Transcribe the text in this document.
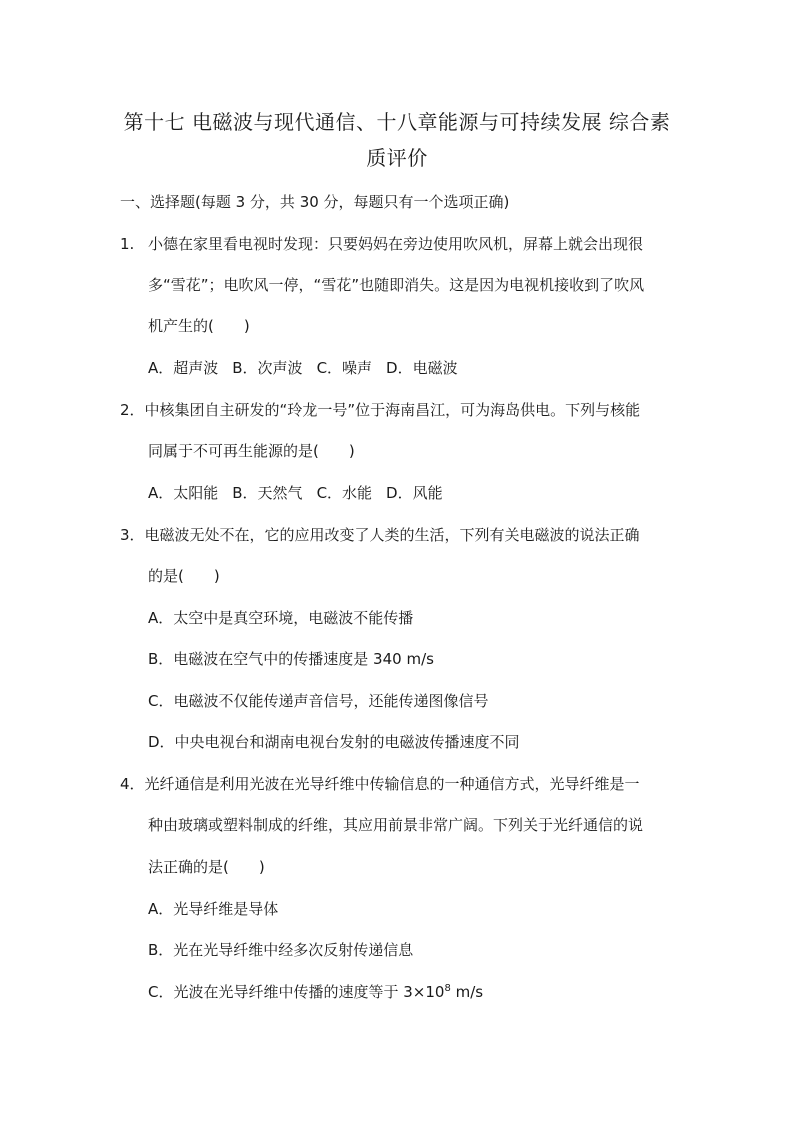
第十七 电磁波与现代通信、十八章能源与可持续发展 综合素
质评价
一、选择题(每题 3 分，共 30 分，每题只有一个选项正确)
1. 小德在家里看电视时发现：只要妈妈在旁边使用吹风机，屏幕上就会出现很
多“雪花”；电吹风一停，“雪花”也随即消失。这是因为电视机接收到了吹风
机产生的(　　)
A．超声波 B．次声波 C．噪声 D．电磁波
2．中核集团自主研发的“玲龙一号”位于海南昌江，可为海岛供电。下列与核能
同属于不可再生能源的是(　　)
A．太阳能 B．天然气 C．水能 D．风能
3．电磁波无处不在，它的应用改变了人类的生活，下列有关电磁波的说法正确
的是(　　)
A．太空中是真空环境，电磁波不能传播
B．电磁波在空气中的传播速度是 340 m/s
C．电磁波不仅能传递声音信号，还能传递图像信号
D．中央电视台和湖南电视台发射的电磁波传播速度不同
4．光纤通信是利用光波在光导纤维中传输信息的一种通信方式，光导纤维是一
种由玻璃或塑料制成的纤维，其应用前景非常广阔。下列关于光纤通信的说
法正确的是(　　)
A．光导纤维是导体
B．光在光导纤维中经多次反射传递信息
C．光波在光导纤维中传播的速度等于 $3\times 10^8$ m/s
